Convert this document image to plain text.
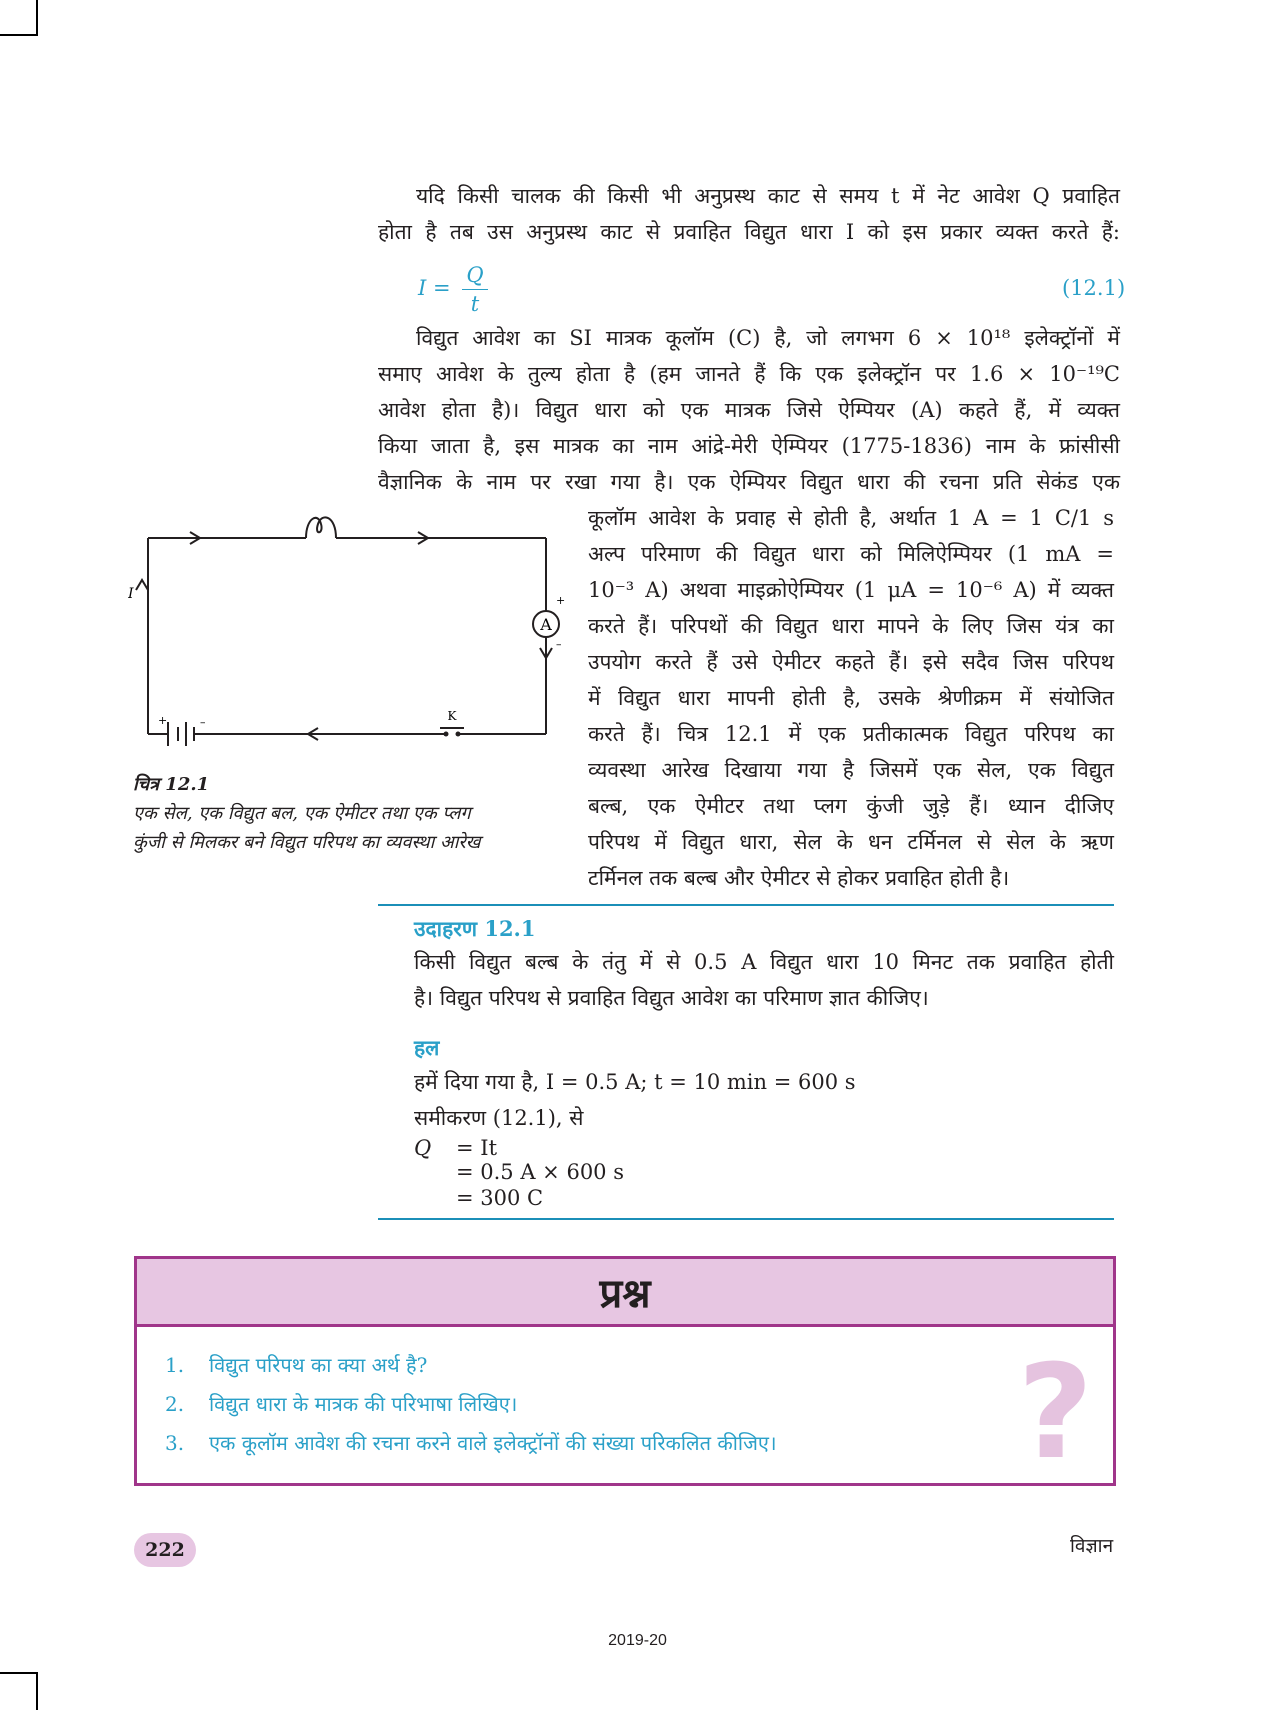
यदि किसी चालक की किसी भी अनुप्रस्थ काट से समय t में नेट आवेश Q प्रवाहित
होता है तब उस अनुप्रस्थ काट से प्रवाहित विद्युत धारा I को इस प्रकार व्यक्त करते हैं:
I =
Q
t
(12.1)
विद्युत आवेश का SI मात्रक कूलॉम (C) है, जो लगभग 6 × 10¹⁸ इलेक्ट्रॉनों में
समाए आवेश के तुल्य होता है (हम जानते हैं कि एक इलेक्ट्रॉन पर 1.6 × 10⁻¹⁹C
आवेश होता है)। विद्युत धारा को एक मात्रक जिसे ऐम्पियर (A) कहते हैं, में व्यक्त
किया जाता है, इस मात्रक का नाम आंद्रे-मेरी ऐम्पियर (1775-1836) नाम के फ्रांसीसी
वैज्ञानिक के नाम पर रखा गया है। एक ऐम्पियर विद्युत धारा की रचना प्रति सेकंड एक
कूलॉम आवेश के प्रवाह से होती है, अर्थात 1 A = 1 C/1 s
अल्प परिमाण की विद्युत धारा को मिलिऐम्पियर (1 mA =
10⁻³ A) अथवा माइक्रोऐम्पियर (1 μA = 10⁻⁶ A) में व्यक्त
करते हैं। परिपथों की विद्युत धारा मापने के लिए जिस यंत्र का
उपयोग करते हैं उसे ऐमीटर कहते हैं। इसे सदैव जिस परिपथ
में विद्युत धारा मापनी होती है, उसके श्रेणीक्रम में संयोजित
करते हैं। चित्र 12.1 में एक प्रतीकात्मक विद्युत परिपथ का
व्यवस्था आरेख दिखाया गया है जिसमें एक सेल, एक विद्युत
बल्ब, एक ऐमीटर तथा प्लग कुंजी जुड़े हैं। ध्यान दीजिए
परिपथ में विद्युत धारा, सेल के धन टर्मिनल से सेल के ऋण
टर्मिनल तक बल्ब और ऐमीटर से होकर प्रवाहित होती है।
A
K
I	+
–
+	–
चित्र 12.1
एक सेल, एक विद्युत बल, एक ऐमीटर तथा एक प्लग
कुंजी से मिलकर बने विद्युत परिपथ का व्यवस्था आरेख
उदाहरण 12.1
किसी विद्युत बल्ब के तंतु में से 0.5 A विद्युत धारा 10 मिनट तक प्रवाहित होती
है। विद्युत परिपथ से प्रवाहित विद्युत आवेश का परिमाण ज्ञात कीजिए।
हल
हमें दिया गया है, I = 0.5 A; t = 10 min = 600 s
समीकरण (12.1), से
Q = It
= 0.5 A × 600 s
= 300 C
प्रश्न
1. विद्युत परिपथ का क्या अर्थ है?
2. विद्युत धारा के मात्रक की परिभाषा लिखिए।
3. एक कूलॉम आवेश की रचना करने वाले इलेक्ट्रॉनों की संख्या परिकलित कीजिए। ?
222	विज्ञान
2019-20
